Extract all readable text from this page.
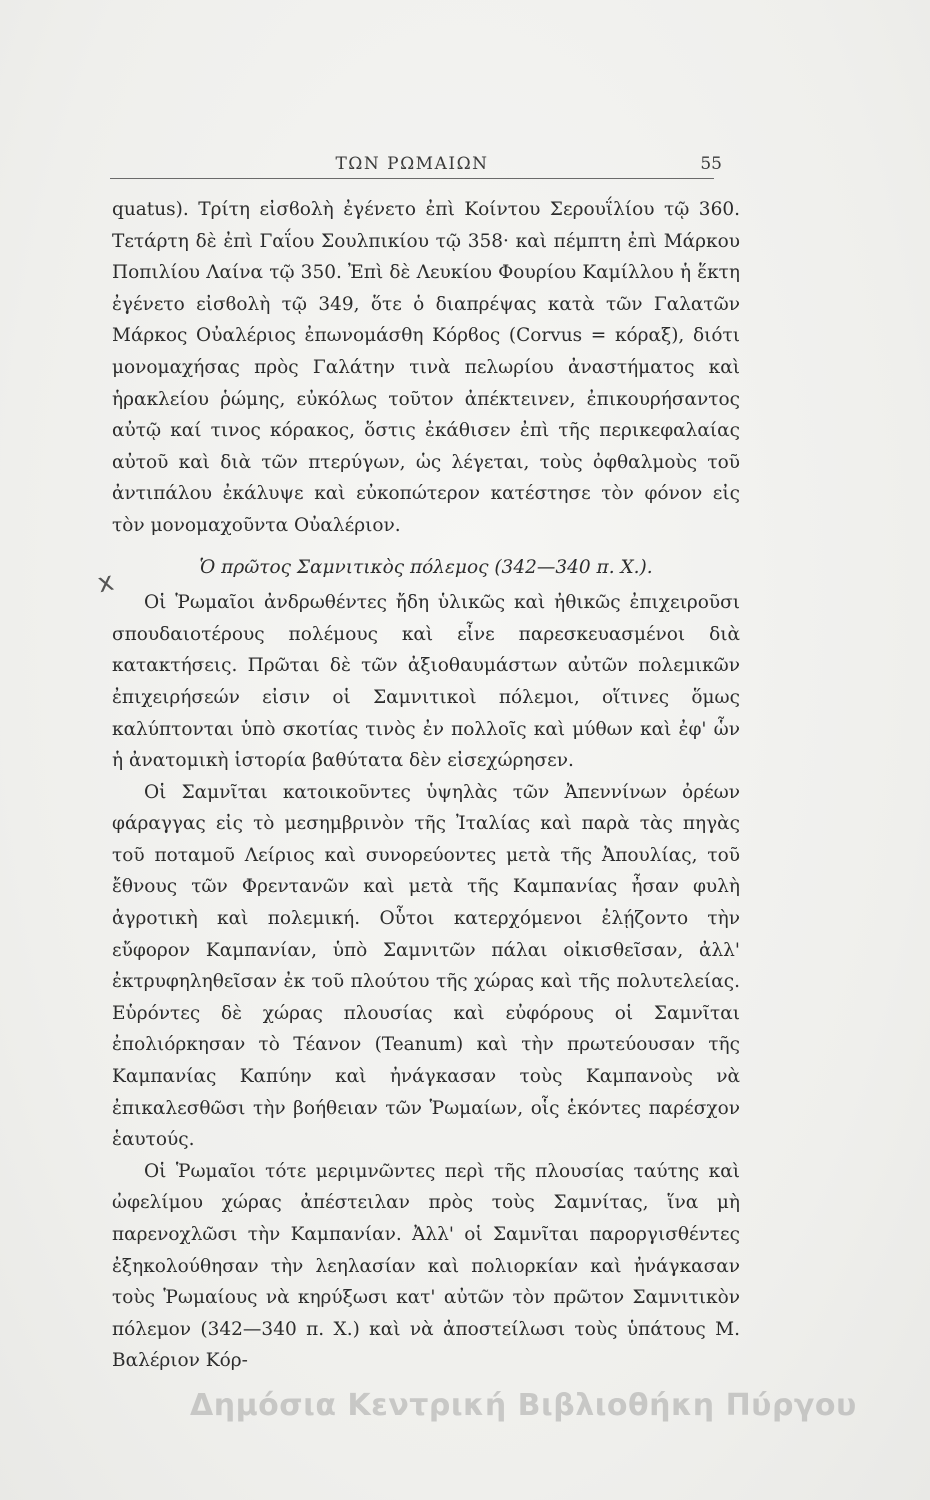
ΤΩΝ ΡΩΜΑΙΩΝ	55
ⅹ

quatus). Τρίτη εἰσϐολὴ ἐγένετο ἐπὶ Κοίντου Σερουΐλίου τῷ 360. Τετάρτη δὲ ἐπὶ Γαΐου Σουλπικίου τῷ 358· καὶ πέμπτη ἐπὶ Μάρκου Ποπιλίου Λαίνα τῷ 350. Ἐπὶ δὲ Λευκίου Φουρίου Καμίλλου ἡ ἕκτη ἐγένετο εἰσϐολὴ τῷ 349, ὅτε ὁ διαπρέψας κατὰ τῶν Γαλατῶν Μάρκος Οὐαλέριος ἐπωνομάσθη Κόρϐος (Corvus = κόραξ), διότι μονομαχήσας πρὸς Γαλάτην τινὰ πελωρίου ἀναστήματος καὶ ἡρακλείου ῥώμης, εὐκόλως τοῦτον ἀπέκτεινεν, ἐπικουρήσαντος αὐτῷ καί τινος κόρακος, ὅστις ἐκάθισεν ἐπὶ τῆς περικεφαλαίας αὐτοῦ καὶ διὰ τῶν πτερύγων, ὡς λέγεται, τοὺς ὀφθαλμοὺς τοῦ ἀντιπάλου ἐκάλυψε καὶ εὐκοπώτερον κατέστησε τὸν φόνον εἰς τὸν μονομαχοῦντα Οὐαλέριον.

Ὁ πρῶτος Σαμνιτικὸς πόλεμος (342—340 π. Χ.).

Οἱ Ῥωμαῖοι ἀνδρωθέντες ἤδη ὑλικῶς καὶ ἠθικῶς ἐπιχειροῦσι σπουδαιοτέρους πολέμους καὶ εἶνε παρεσκευασμένοι διὰ κατακτήσεις. Πρῶται δὲ τῶν ἀξιοθαυμάστων αὐτῶν πολεμικῶν ἐπιχειρήσεών εἰσιν οἱ Σαμνιτικοὶ πόλεμοι, οἵτινες ὅμως καλύπτονται ὑπὸ σκοτίας τινὸς ἐν πολλοῖς καὶ μύθων καὶ ἐφ' ὧν ἡ ἀνατομικὴ ἱστορία βαθύτατα δὲν εἰσεχώρησεν.

Οἱ Σαμνῖται κατοικοῦντες ὑψηλὰς τῶν Ἀπεννίνων ὀρέων φάραγγας εἰς τὸ μεσημβρινὸν τῆς Ἰταλίας καὶ παρὰ τὰς πηγὰς τοῦ ποταμοῦ Λείριος καὶ συνορεύοντες μετὰ τῆς Ἀπουλίας, τοῦ ἔθνους τῶν Φρεντανῶν καὶ μετὰ τῆς Καμπανίας ἦσαν φυλὴ ἀγροτικὴ καὶ πολεμική. Οὗτοι κατερχόμενοι ἐλῄζοντο τὴν εὔφορον Καμπανίαν, ὑπὸ Σαμνιτῶν πάλαι οἰκισθεῖσαν, ἀλλ' ἐκτρυφηληθεῖσαν ἐκ τοῦ πλούτου τῆς χώρας καὶ τῆς πολυτελείας. Εὑρόντες δὲ χώρας πλουσίας καὶ εὐφόρους οἱ Σαμνῖται ἐπολιόρκησαν τὸ Τέανον (Teanum) καὶ τὴν πρωτεύουσαν τῆς Καμπανίας Καπύην καὶ ἠνάγκασαν τοὺς Καμπανοὺς νὰ ἐπικαλεσθῶσι τὴν βοήθειαν τῶν Ῥωμαίων, οἷς ἑκόντες παρέσχον ἑαυτούς.

Οἱ Ῥωμαῖοι τότε μεριμνῶντες περὶ τῆς πλουσίας ταύτης καὶ ὠφελίμου χώρας ἀπέστειλαν πρὸς τοὺς Σαμνίτας, ἵνα μὴ παρενοχλῶσι τὴν Καμπανίαν. Ἀλλ' οἱ Σαμνῖται παροργισθέντες ἐξηκολούθησαν τὴν λεηλασίαν καὶ πολιορκίαν καὶ ἠνάγκασαν τοὺς Ῥωμαίους νὰ κηρύξωσι κατ' αὐτῶν τὸν πρῶτον Σαμνιτικὸν πόλεμον (342—340 π. Χ.) καὶ νὰ ἀποστείλωσι τοὺς ὑπάτους Μ. Βαλέριον Κόρ-

Δημόσια Κεντρική Βιβλιοθήκη Πύργου
